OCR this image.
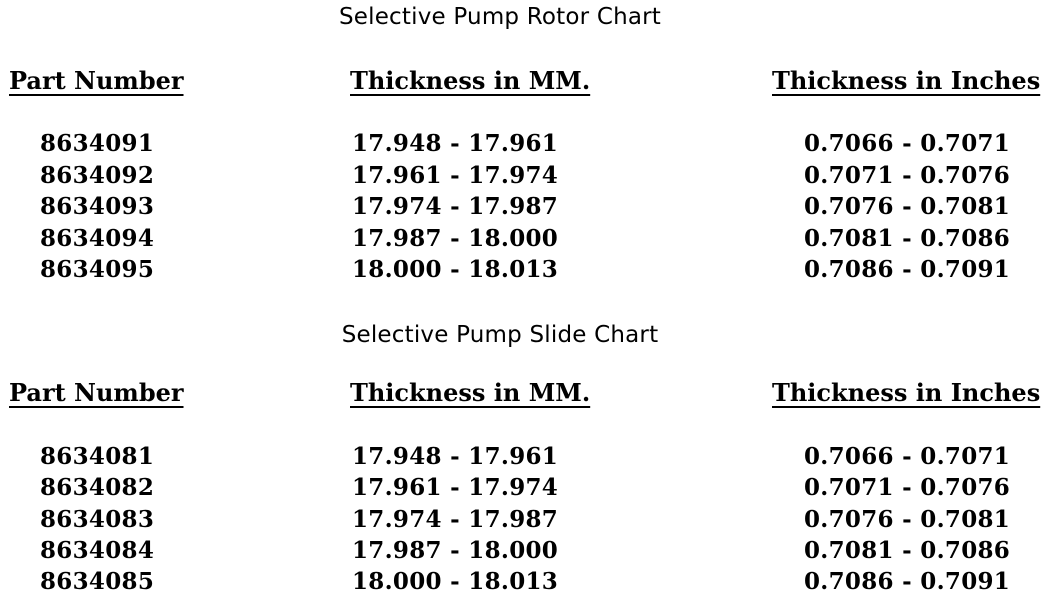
Selective Pump Rotor Chart
Part Number	Thickness in MM.	Thickness in Inches
8634091	17.948 - 17.961	0.7066 - 0.7071
8634092	17.961 - 17.974	0.7071 - 0.7076
8634093	17.974 - 17.987	0.7076 - 0.7081
8634094	17.987 - 18.000	0.7081 - 0.7086
8634095	18.000 - 18.013	0.7086 - 0.7091
Selective Pump Slide Chart
Part Number	Thickness in MM.	Thickness in Inches
8634081	17.948 - 17.961	0.7066 - 0.7071
8634082	17.961 - 17.974	0.7071 - 0.7076
8634083	17.974 - 17.987	0.7076 - 0.7081
8634084	17.987 - 18.000	0.7081 - 0.7086
8634085	18.000 - 18.013	0.7086 - 0.7091
